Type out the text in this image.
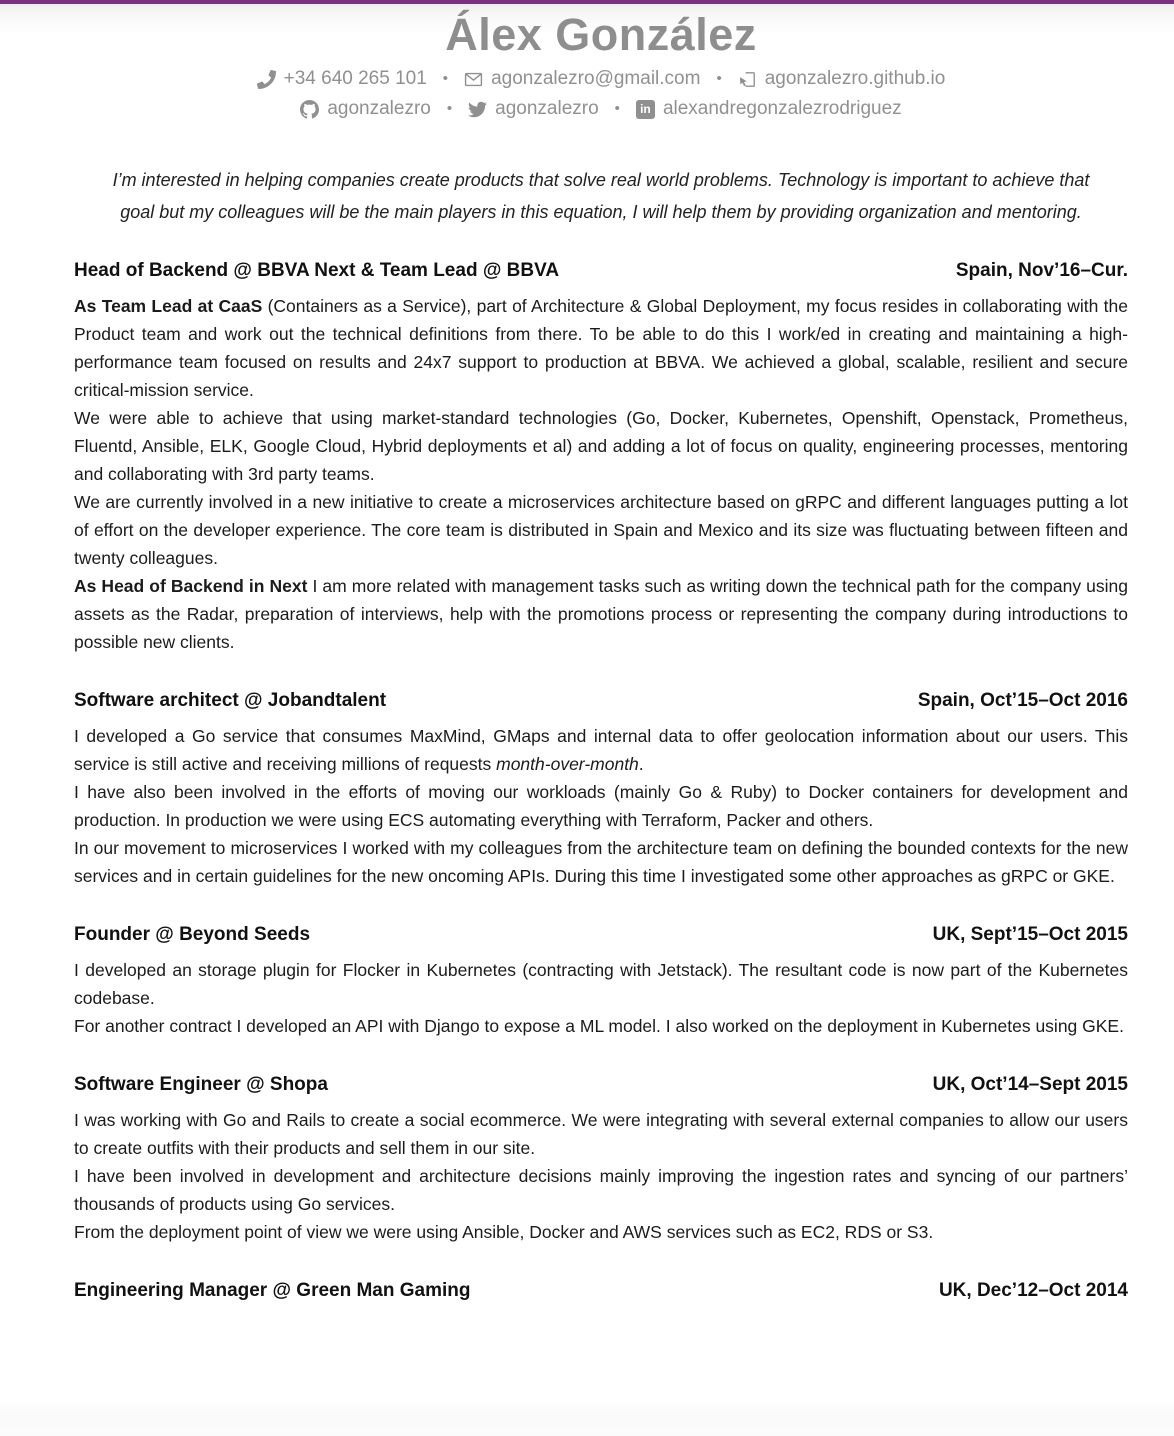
Álex González
+34 640 265 101 • agonzalezro@gmail.com • agonzalezro.github.io
agonzalezro • agonzalezro •	in alexandregonzalezrodriguez

I’m interested in helping companies create products that solve real world problems. Technology is important to achieve that goal but my colleagues will be the main players in this equation, I will help them by providing organization and mentoring.

Head of Backend @ BBVA Next & Team Lead @ BBVA	Spain, Nov’16–Cur.

As Team Lead at CaaS (Containers as a Service), part of Architecture & Global Deployment, my focus resides in collaborating with the Product team and work out the technical definitions from there. To be able to do this I work/ed in creating and maintaining a high-performance team focused on results and 24x7 support to production at BBVA. We achieved a global, scalable, resilient and secure critical-mission service.

We were able to achieve that using market-standard technologies (Go, Docker, Kubernetes, Openshift, Openstack, Prometheus, Fluentd, Ansible, ELK, Google Cloud, Hybrid deployments et al) and adding a lot of focus on quality, engineering processes, mentoring and collaborating with 3rd party teams.

We are currently involved in a new initiative to create a microservices architecture based on gRPC and different languages putting a lot of effort on the developer experience. The core team is distributed in Spain and Mexico and its size was fluctuating between fifteen and twenty colleagues.

As Head of Backend in Next I am more related with management tasks such as writing down the technical path for the company using assets as the Radar, preparation of interviews, help with the promotions process or representing the company during introductions to possible new clients.

Software architect @ Jobandtalent	Spain, Oct’15–Oct 2016

I developed a Go service that consumes MaxMind, GMaps and internal data to offer geolocation information about our users. This service is still active and receiving millions of requests month-over-month.

I have also been involved in the efforts of moving our workloads (mainly Go & Ruby) to Docker containers for development and production. In production we were using ECS automating everything with Terraform, Packer and others.

In our movement to microservices I worked with my colleagues from the architecture team on defining the bounded contexts for the new services and in certain guidelines for the new oncoming APIs. During this time I investigated some other approaches as gRPC or GKE.

Founder @ Beyond Seeds	UK, Sept’15–Oct 2015

I developed an storage plugin for Flocker in Kubernetes (contracting with Jetstack). The resultant code is now part of the Kubernetes codebase.

For another contract I developed an API with Django to expose a ML model. I also worked on the deployment in Kubernetes using GKE.

Software Engineer @ Shopa	UK, Oct’14–Sept 2015

I was working with Go and Rails to create a social ecommerce. We were integrating with several external companies to allow our users to create outfits with their products and sell them in our site.

I have been involved in development and architecture decisions mainly improving the ingestion rates and syncing of our partners’ thousands of products using Go services.

From the deployment point of view we were using Ansible, Docker and AWS services such as EC2, RDS or S3.

Engineering Manager @ Green Man Gaming	UK, Dec’12–Oct 2014
